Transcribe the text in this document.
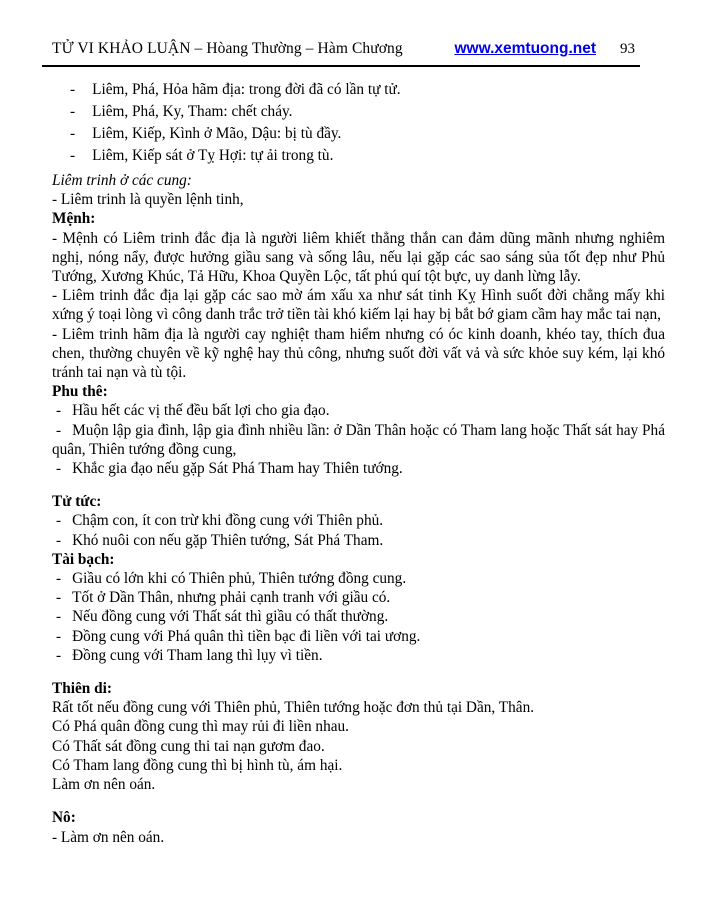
TỬ VI KHẢO LUẬN – Hòang Thường – Hàm Chương	www.xemtuong.net 93
- Liêm, Phá, Hỏa hãm địa: trong đời đã có lần tự tử.
- Liêm, Phá, Ky, Tham: chết cháy.
- Liêm, Kiếp, Kình ở Mão, Dậu: bị tù đầy.
- Liêm, Kiếp sát ở Tỵ Hợi: tự ải trong tù.
Liêm trinh ở các cung:
- Liêm trinh là quyền lệnh tinh,
Mệnh:
- Mệnh có Liêm trinh đắc địa là người liêm khiết thẳng thắn can đảm dũng mãnh nhưng nghiêm nghị, nóng nẩy, được hưởng giầu sang và sống lâu, nếu lại gặp các sao sáng sủa tốt đẹp như Phủ Tướng, Xương Khúc, Tả Hữu, Khoa Quyền Lộc, tất phú quí tột bực, uy danh lừng lẫy.
- Liêm trinh đắc địa lại gặp các sao mờ ám xấu xa như sát tinh Kỵ Hình suốt đời chẳng mấy khi xứng ý toại lòng vì công danh trắc trở tiền tài khó kiếm lại hay bị bắt bớ giam cầm hay mắc tai nạn,
- Liêm trinh hãm địa là người cay nghiệt tham hiểm nhưng có óc kinh doanh, khéo tay, thích đua chen, thường chuyên về kỹ nghệ hay thủ công, nhưng suốt đời vất vả và sức khỏe suy kém, lại khó tránh tai nạn và tù tội.
Phu thê:
- Hầu hết các vị thế đều bất lợi cho gia đạo.
- Muộn lập gia đình, lập gia đình nhiều lần: ở Dần Thân hoặc có Tham lang hoặc Thất sát hay Phá quân, Thiên tướng đồng cung,
- Khắc gia đạo nếu gặp Sát Phá Tham hay Thiên tướng.
Tử tức:
- Chậm con, ít con trừ khi đồng cung với Thiên phủ.
- Khó nuôi con nếu gặp Thiên tướng, Sát Phá Tham.
Tài bạch:
- Giầu có lớn khi có Thiên phủ, Thiên tướng đồng cung.
- Tốt ở Dần Thân, nhưng phải cạnh tranh với giầu có.
- Nếu đồng cung với Thất sát thì giầu có thất thường.
- Đồng cung với Phá quân thì tiền bạc đi liền với tai ương.
- Đồng cung với Tham lang thì lụy vì tiền.
Thiên di:
Rất tốt nếu đồng cung với Thiên phủ, Thiên tướng hoặc đơn thủ tại Dần, Thân.
Có Phá quân đồng cung thì may rủi đi liền nhau.
Có Thất sát đồng cung thi tai nạn gươm đao.
Có Tham lang đồng cung thì bị hình tù, ám hại.
Làm ơn nên oán.
Nô:
- Làm ơn nên oán.
